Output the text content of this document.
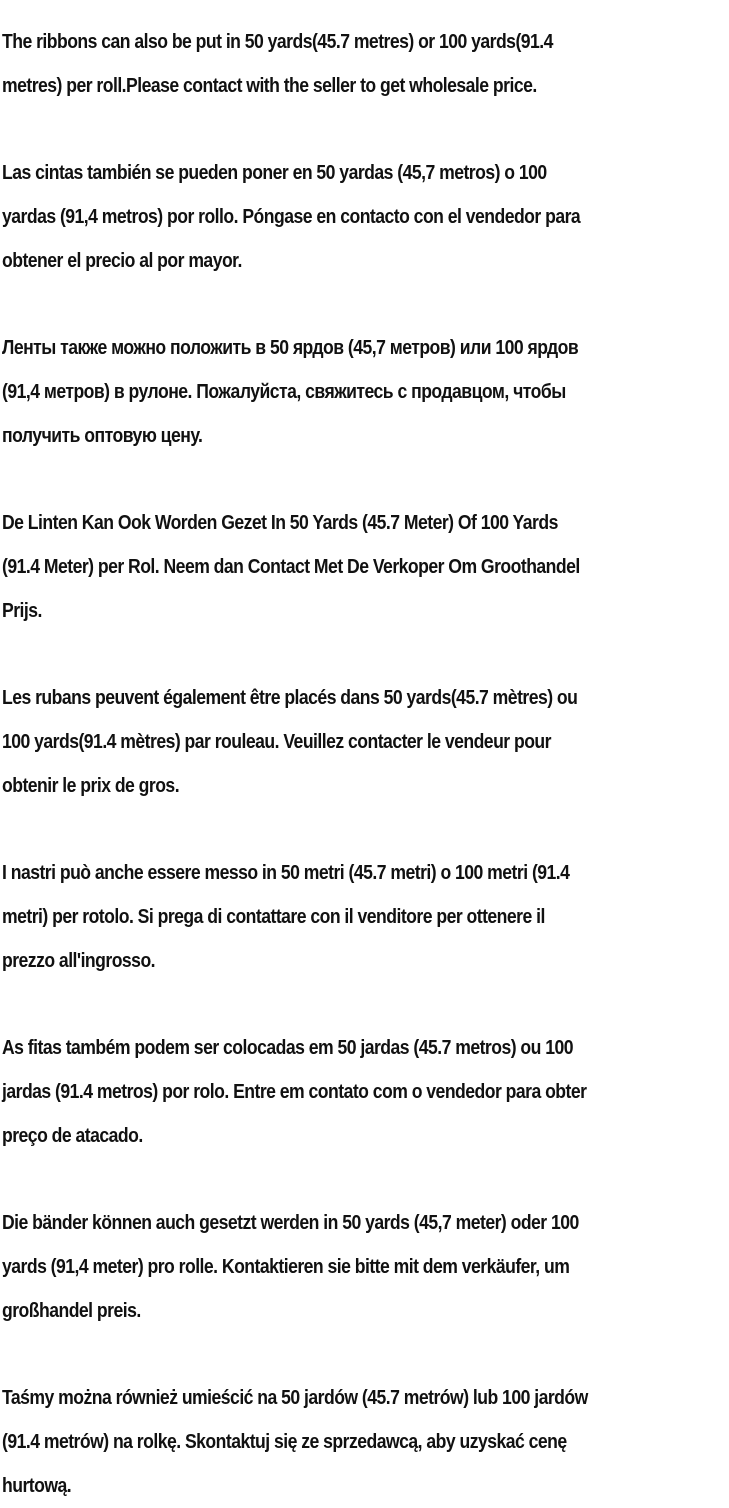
The ribbons can also be put in 50 yards(45.7 metres) or 100 yards(91.4
metres) per roll.Please contact with the seller to get wholesale price.

Las cintas también se pueden poner en 50 yardas (45,7 metros) o 100
yardas (91,4 metros) por rollo. Póngase en contacto con el vendedor para
obtener el precio al por mayor.

Ленты также можно положить в 50 ярдов (45,7 метров) или 100 ярдов
(91,4 метров) в рулоне. Пожалуйста, свяжитесь с продавцом, чтобы
получить оптовую цену.

De Linten Kan Ook Worden Gezet In 50 Yards (45.7 Meter) Of 100 Yards
(91.4 Meter) per Rol. Neem dan Contact Met De Verkoper Om Groothandel
Prijs.

Les rubans peuvent également être placés dans 50 yards(45.7 mètres) ou
100 yards(91.4 mètres) par rouleau. Veuillez contacter le vendeur pour
obtenir le prix de gros.

I nastri può anche essere messo in 50 metri (45.7 metri) o 100 metri (91.4
metri) per rotolo. Si prega di contattare con il venditore per ottenere il
prezzo all'ingrosso.

As fitas também podem ser colocadas em 50 jardas (45.7 metros) ou 100
jardas (91.4 metros) por rolo. Entre em contato com o vendedor para obter
preço de atacado.

Die bänder können auch gesetzt werden in 50 yards (45,7 meter) oder 100
yards (91,4 meter) pro rolle. Kontaktieren sie bitte mit dem verkäufer, um
großhandel preis.

Taśmy można również umieścić na 50 jardów (45.7 metrów) lub 100 jardów
(91.4 metrów) na rolkę. Skontaktuj się ze sprzedawcą, aby uzyskać cenę
hurtową.
